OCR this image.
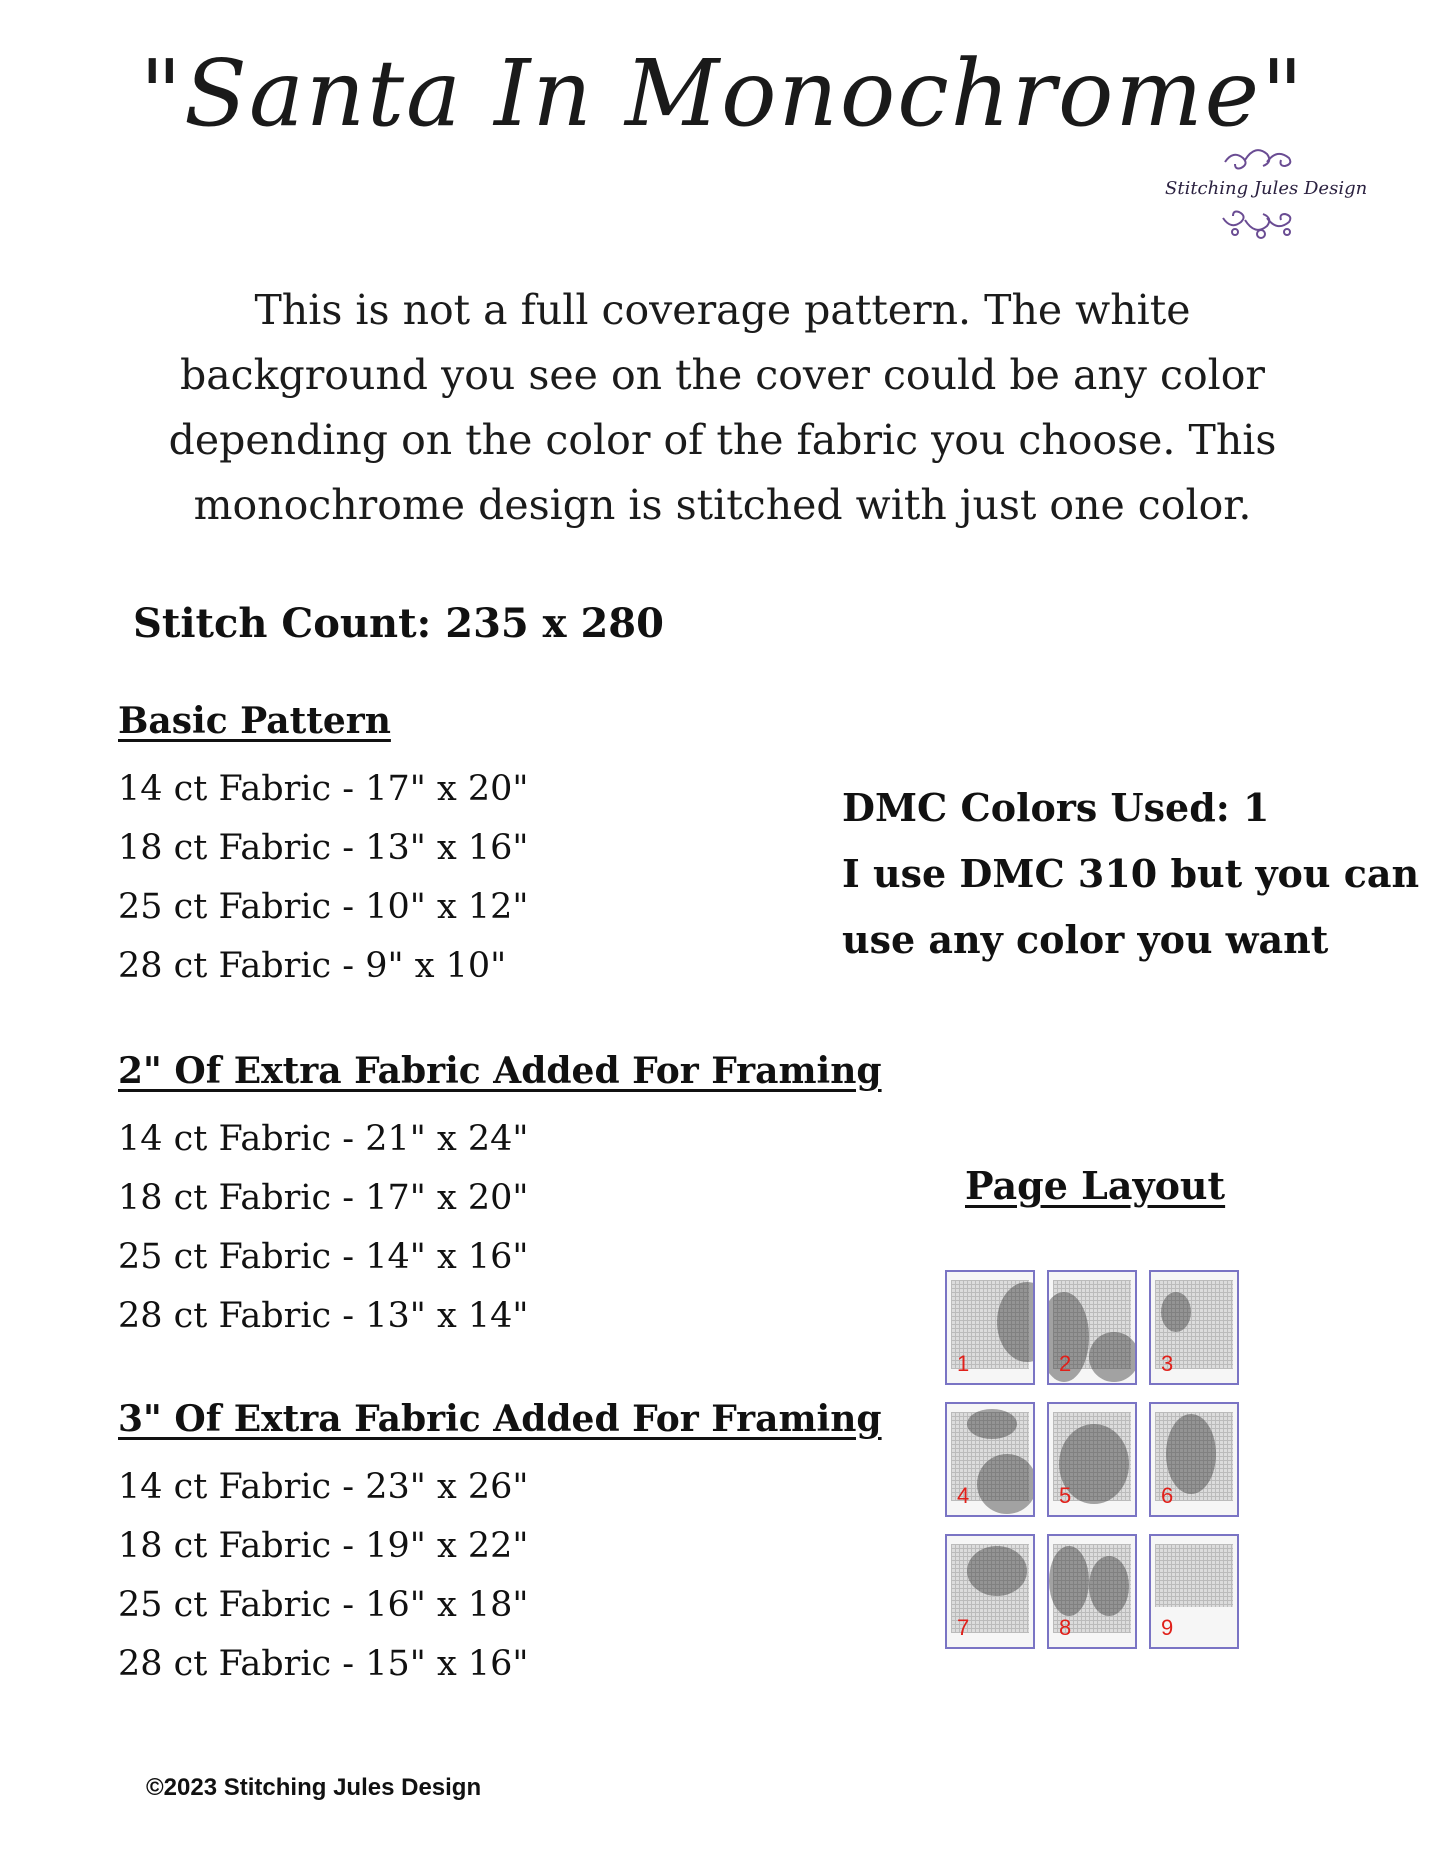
"Santa In Monochrome"
Stitching Jules Design
This is not a full coverage pattern. The white background you see on the cover could be any color depending on the color of the fabric you choose. This monochrome design is stitched with just one color.
Stitch Count: 235 x 280
Basic Pattern
14 ct Fabric - 17" x 20"
18 ct Fabric - 13" x 16"
25 ct Fabric - 10" x 12"
28 ct Fabric - 9" x 10"
2" Of Extra Fabric Added For Framing
14 ct Fabric - 21" x 24"
18 ct Fabric - 17" x 20"
25 ct Fabric - 14" x 16"
28 ct Fabric - 13" x 14"
3" Of Extra Fabric Added For Framing
14 ct Fabric - 23" x 26"
18 ct Fabric - 19" x 22"
25 ct Fabric - 16" x 18"
28 ct Fabric - 15" x 16"
DMC Colors Used: 1
I use DMC 310 but you can
use any color you want
Page Layout
1	2	3
4	5	6
7	8	9
©2023 Stitching Jules Design
